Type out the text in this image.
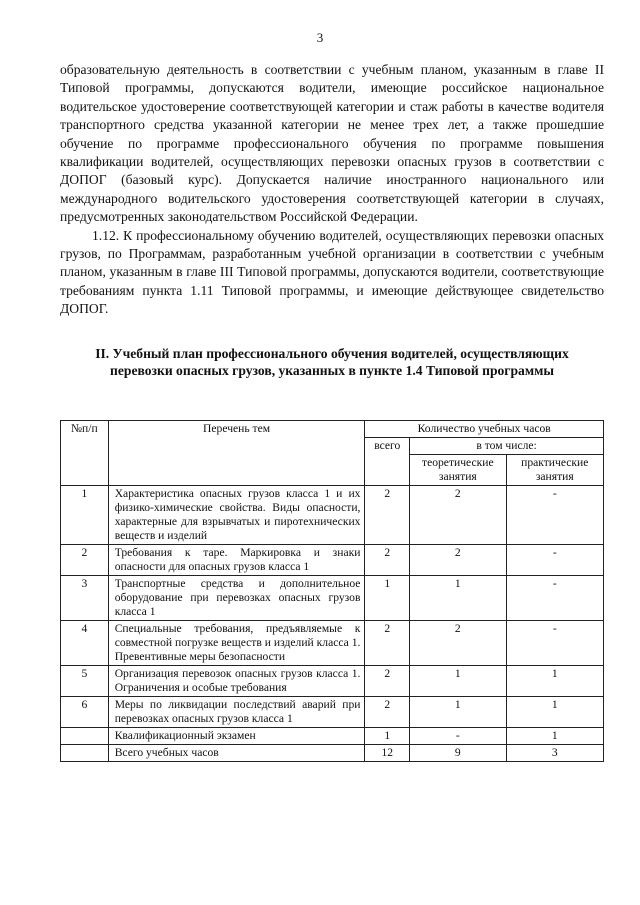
3

образовательную деятельность в соответствии с учебным планом, указанным в главе II Типовой программы, допускаются водители, имеющие российское национальное водительское удостоверение соответствующей категории и стаж работы в качестве водителя транспортного средства указанной категории не менее трех лет, а также прошедшие обучение по программе профессионального обучения по программе повышения квалификации водителей, осуществляющих перевозки опасных грузов в соответствии с ДОПОГ (базовый курс). Допускается наличие иностранного национального или международного водительского удостоверения соответствующей категории в случаях, предусмотренных законодательством Российской Федерации.

1.12. К профессиональному обучению водителей, осуществляющих перевозки опасных грузов, по Программам, разработанным учебной организации в соответствии с учебным планом, указанным в главе III Типовой программы, допускаются водители, соответствующие требованиям пункта 1.11 Типовой программы, и имеющие действующее свидетельство ДОПОГ.

II. Учебный план профессионального обучения водителей, осуществляющих перевозки опасных грузов, указанных в пункте 1.4 Типовой программы
№п/п	Перечень тем	Количество учебных часов		
		всего	в том числе:	
			теоретические занятия	практические занятия
1	Характеристика опасных грузов класса 1 и их физико-химические свойства. Виды опасности, характерные для взрывчатых и пиротехнических веществ и изделий	2	2	-
2	Требования к таре. Маркировка и знаки опасности для опасных грузов класса 1	2	2	-
3	Транспортные средства и дополнительное оборудование при перевозках опасных грузов класса 1	1	1	-
4	Специальные требования, предъявляемые к совместной погрузке веществ и изделий класса 1. Превентивные меры безопасности	2	2	-
5	Организация перевозок опасных грузов класса 1. Ограничения и особые требования	2	1	1
6	Меры по ликвидации последствий аварий при перевозках опасных грузов класса 1	2	1	1
	Квалификационный экзамен	1	-	1
	Всего учебных часов	12	9	3
